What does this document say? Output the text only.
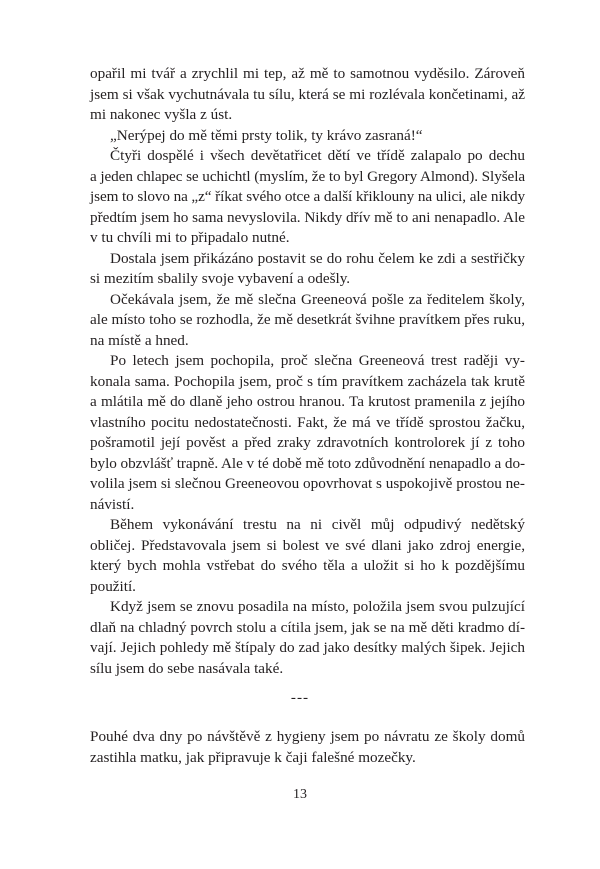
opařil mi tvář a zrychlil mi tep, až mě to samotnou vyděsilo. Zároveň
jsem si však vychutnávala tu sílu, která se mi rozlévala končetinami, až
mi nakonec vyšla z úst.
„Nerýpej do mě těmi prsty tolik, ty krávo zasraná!“
Čtyři dospělé i všech devětatřicet dětí ve třídě zalapalo po dechu
a jeden chlapec se uchichtl (myslím, že to byl Gregory Almond). Slyšela
jsem to slovo na „z“ říkat svého otce a další křiklouny na ulici, ale nikdy
předtím jsem ho sama nevyslovila. Nikdy dřív mě to ani nenapadlo. Ale
v tu chvíli mi to připadalo nutné.
Dostala jsem přikázáno postavit se do rohu čelem ke zdi a sestřičky
si mezitím sbalily svoje vybavení a odešly.
Očekávala jsem, že mě slečna Greeneová pošle za ředitelem školy,
ale místo toho se rozhodla, že mě desetkrát švihne pravítkem přes ruku,
na místě a hned.
Po letech jsem pochopila, proč slečna Greeneová trest raději vy-
konala sama. Pochopila jsem, proč s tím pravítkem zacházela tak krutě
a mlátila mě do dlaně jeho ostrou hranou. Ta krutost pramenila z jejího
vlastního pocitu nedostatečnosti. Fakt, že má ve třídě sprostou žačku,
pošramotil její pověst a před zraky zdravotních kontrolorek jí z toho
bylo obzvlášť trapně. Ale v té době mě toto zdůvodnění nenapadlo a do-
volila jsem si slečnou Greeneovou opovrhovat s uspokojivě prostou ne-
návistí.
Během vykonávání trestu na ni civěl můj odpudivý nedětský
obličej. Představovala jsem si bolest ve své dlani jako zdroj energie,
který bych mohla vstřebat do svého těla a uložit si ho k pozdějšímu
použití.
Když jsem se znovu posadila na místo, položila jsem svou pulzující
dlaň na chladný povrch stolu a cítila jsem, jak se na mě děti kradmo dí-
vají. Jejich pohledy mě štípaly do zad jako desítky malých šipek. Jejich
sílu jsem do sebe nasávala také.
---
Pouhé dva dny po návštěvě z hygieny jsem po návratu ze školy domů
zastihla matku, jak připravuje k čaji falešné mozečky.
13
